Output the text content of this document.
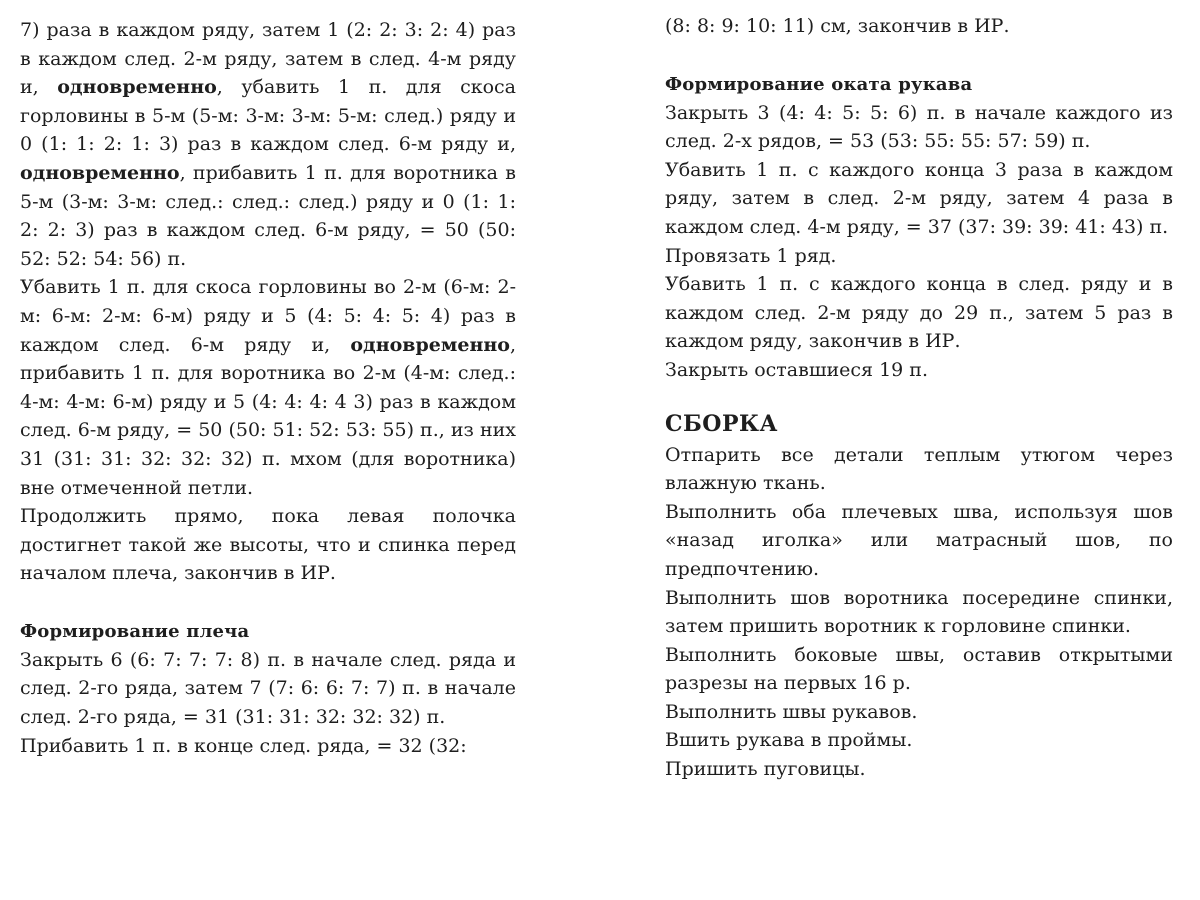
7) раза в каждом ряду, затем 1 (2: 2: 3: 2: 4) раз в каждом след. 2-м ряду, затем в след. 4-м ряду и, одновременно, убавить 1 п. для скоса горловины в 5-м (5-м: 3-м: 3-м: 5-м: след.) ряду и 0 (1: 1: 2: 1: 3) раз в каждом след. 6-м ряду и, одновременно, прибавить 1 п. для воротника в 5-м (3-м: 3-м: след.: след.: след.) ряду и 0 (1: 1: 2: 2: 3) раз в каждом след. 6-м ряду, = 50 (50: 52: 52: 54: 56) п.

Убавить 1 п. для скоса горловины во 2-м (6-м: 2-м: 6-м: 2-м: 6-м) ряду и 5 (4: 5: 4: 5: 4) раз в каждом след. 6-м ряду и, одновременно, прибавить 1 п. для воротника во 2-м (4-м: след.: 4-м: 4-м: 6-м) ряду и 5 (4: 4: 4: 4 3) раз в каждом след. 6-м ряду, = 50 (50: 51: 52: 53: 55) п., из них 31 (31: 31: 32: 32: 32) п. мхом (для воротника) вне отмеченной петли.

Продолжить прямо, пока левая полочка достигнет такой же высоты, что и спинка перед началом плеча, закончив в ИР.

Формирование плеча

Закрыть 6 (6: 7: 7: 7: 8) п. в начале след. ряда и след. 2-го ряда, затем 7 (7: 6: 6: 7: 7) п. в начале след. 2-го ряда, = 31 (31: 31: 32: 32: 32) п.

Прибавить 1 п. в конце след. ряда, = 32 (32:

(8: 8: 9: 10: 11) см, закончив в ИР.

Формирование оката рукава

Закрыть 3 (4: 4: 5: 5: 6) п. в начале каждого из след. 2-х рядов, = 53 (53: 55: 55: 57: 59) п.

Убавить 1 п. с каждого конца 3 раза в каждом ряду, затем в след. 2-м ряду, затем 4 раза в каждом след. 4-м ряду, = 37 (37: 39: 39: 41: 43) п.

Провязать 1 ряд.

Убавить 1 п. с каждого конца в след. ряду и в каждом след. 2-м ряду до 29 п., затем 5 раз в каждом ряду, закончив в ИР.

Закрыть оставшиеся 19 п.

СБОРКА

Отпарить все детали теплым утюгом через влажную ткань.

Выполнить оба плечевых шва, используя шов «назад иголка» или матрасный шов, по предпочтению.

Выполнить шов воротника посередине спинки, затем пришить воротник к горловине спинки.

Выполнить боковые швы, оставив открытыми разрезы на первых 16 р.

Выполнить швы рукавов.

Вшить рукава в проймы.

Пришить пуговицы.
